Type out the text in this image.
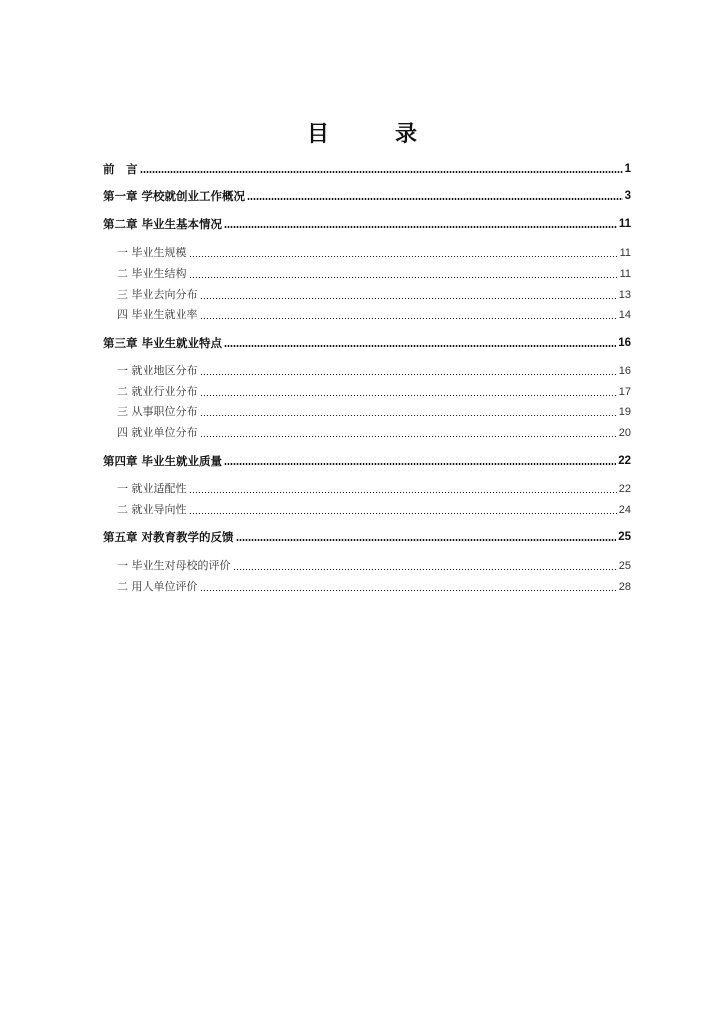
目　录
前　言	1
第一章 学校就创业工作概况	3
第二章 毕业生基本情况	11
一 毕业生规模	11
二 毕业生结构	11
三 毕业去向分布	13
四 毕业生就业率	14
第三章 毕业生就业特点	16
一 就业地区分布	16
二 就业行业分布	17
三 从事职位分布	19
四 就业单位分布	20
第四章 毕业生就业质量	22
一 就业适配性	22
二 就业导向性	24
第五章 对教育教学的反馈	25
一 毕业生对母校的评价	25
二 用人单位评价	28
